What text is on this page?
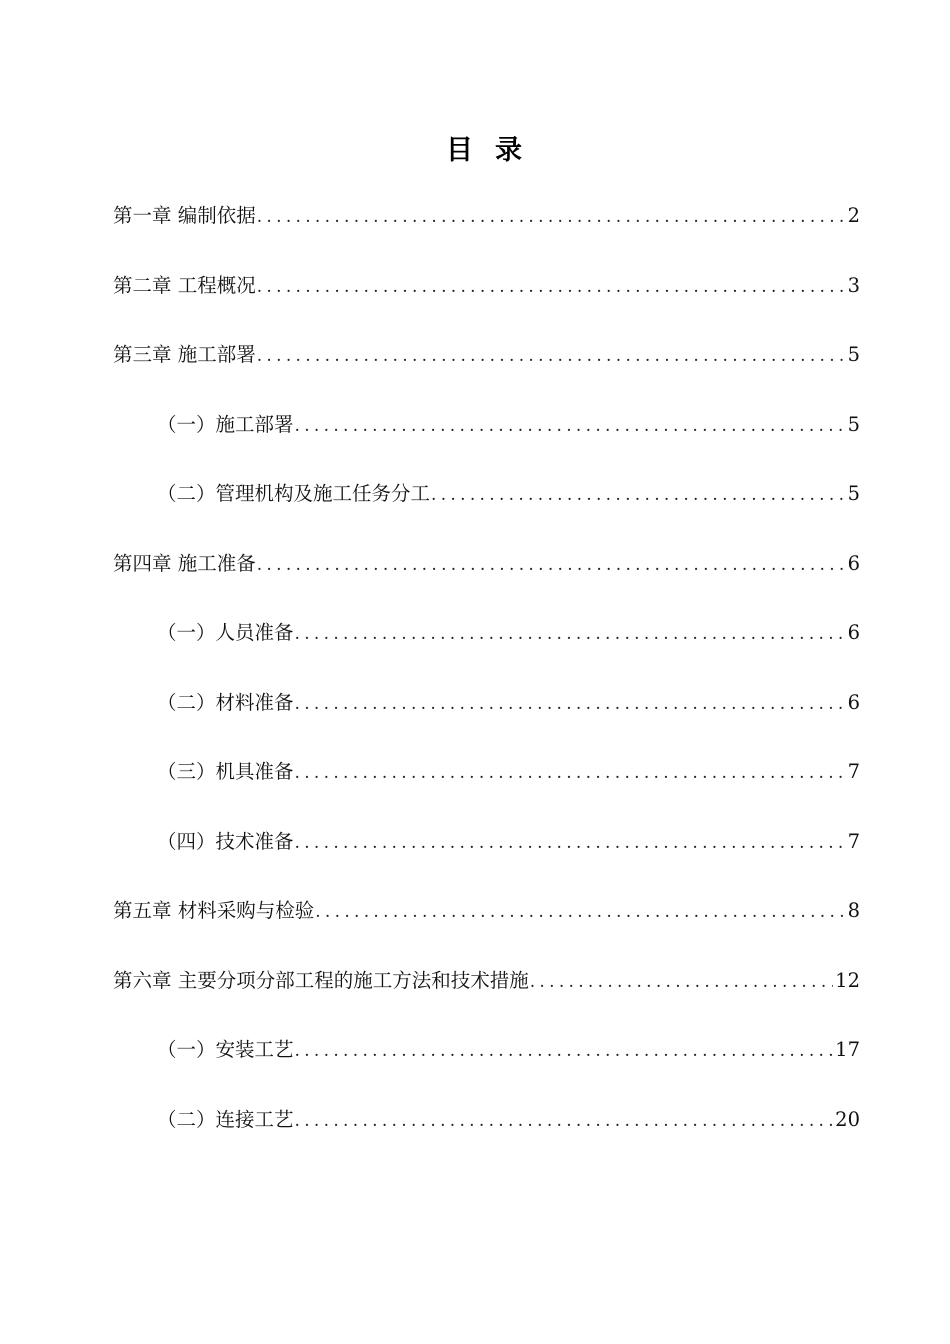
目录
第一章 编制依据 .....	2
第二章 工程概况 .....	3
第三章 施工部署 .....	5
（一）施工部署 .....	5
（二）管理机构及施工任务分工 .....	5
第四章 施工准备 .....	6
（一）人员准备 .....	6
（二）材料准备 .....	6
（三）机具准备 .....	7
（四）技术准备 .....	7
第五章 材料采购与检验 .....	8
第六章 主要分项分部工程的施工方法和技术措施 .....	12
（一）安装工艺 .....	17
（二）连接工艺 .....	20
